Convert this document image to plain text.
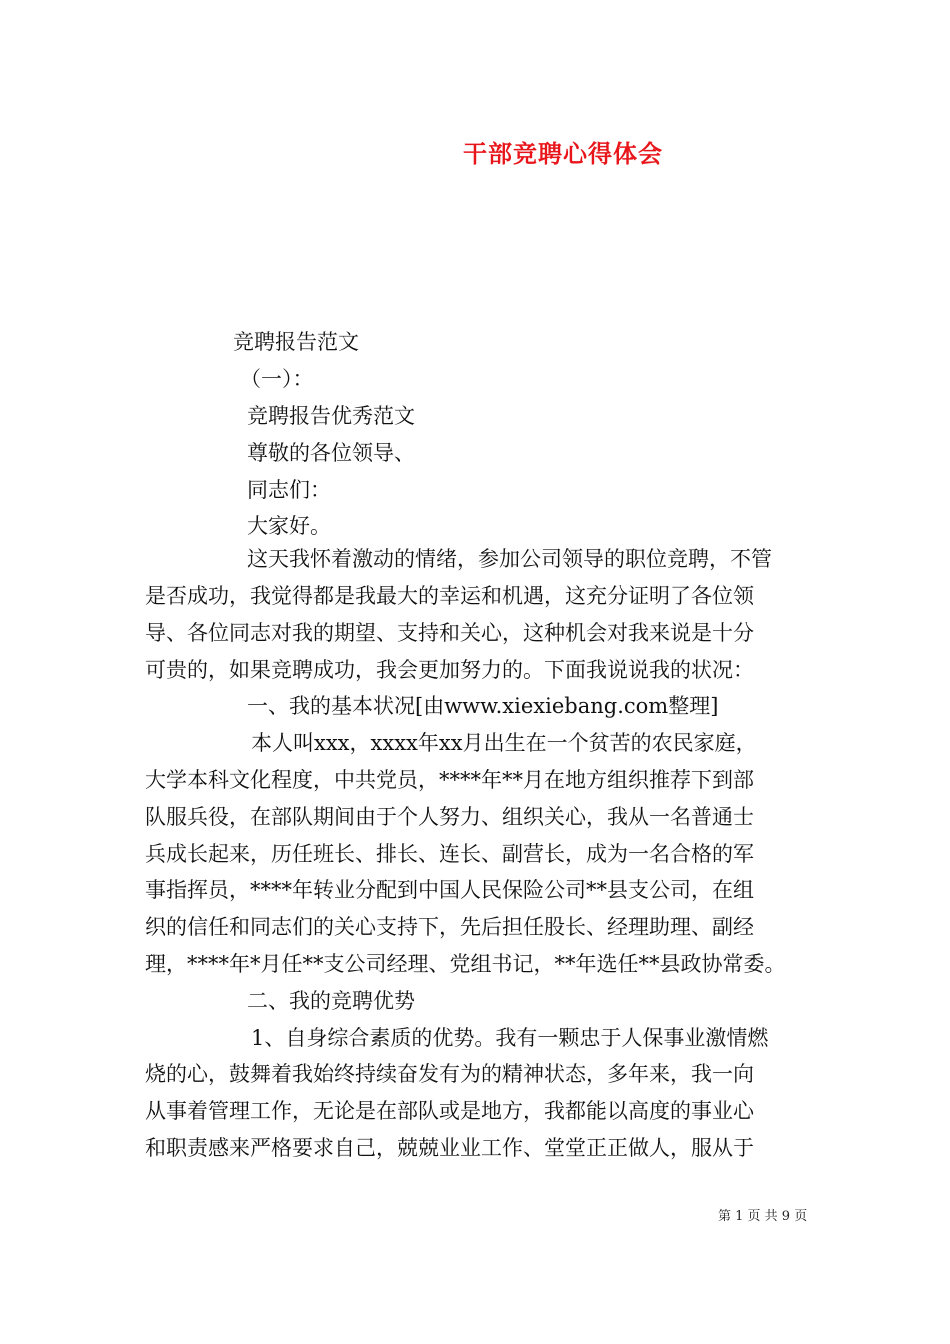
干部竞聘心得体会
竞聘报告范文
（一）：
竞聘报告优秀范文
尊敬的各位领导、
同志们：
大家好。
这天我怀着激动的情绪，参加公司领导的职位竞聘，不管
是否成功，我觉得都是我最大的幸运和机遇，这充分证明了各位领
导、各位同志对我的期望、支持和关心，这种机会对我来说是十分
可贵的，如果竞聘成功，我会更加努力的。下面我说说我的状况：
一、我的基本状况[由www.xiexiebang.com整理]
本人叫xxx，xxxx年xx月出生在一个贫苦的农民家庭，
大学本科文化程度，中共党员，****年**月在地方组织推荐下到部
队服兵役，在部队期间由于个人努力、组织关心，我从一名普通士
兵成长起来，历任班长、排长、连长、副营长，成为一名合格的军
事指挥员，****年转业分配到中国人民保险公司**县支公司，在组
织的信任和同志们的关心支持下，先后担任股长、经理助理、副经
理，****年*月任**支公司经理、党组书记，**年选任**县政协常委。
二、我的竞聘优势
1、自身综合素质的优势。我有一颗忠于人保事业激情燃
烧的心，鼓舞着我始终持续奋发有为的精神状态，多年来，我一向
从事着管理工作，无论是在部队或是地方，我都能以高度的事业心
和职责感来严格要求自己，兢兢业业工作、堂堂正正做人，服从于
第 1 页 共 9 页
